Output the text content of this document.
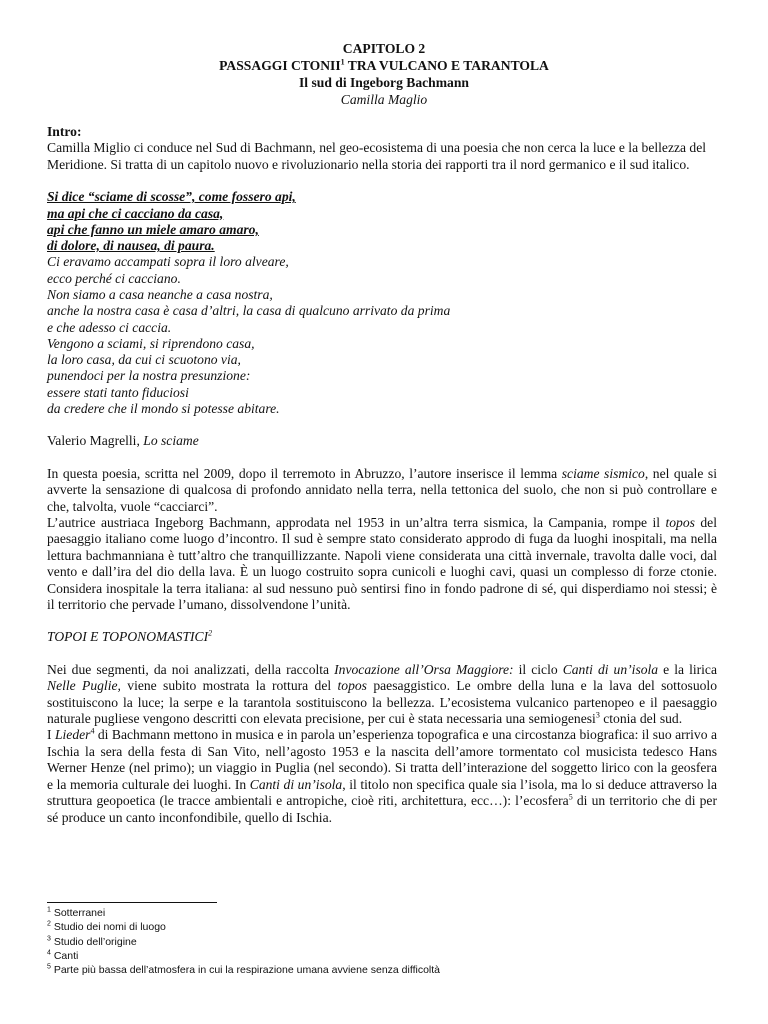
CAPITOLO 2
PASSAGGI CTONII$^1$ TRA VULCANO E TARANTOLA
Il sud di Ingeborg Bachmann
Camilla Maglio

Intro:

Camilla Miglio ci conduce nel Sud di Bachmann, nel geo-ecosistema di una poesia che non cerca la luce e la bellezza del Meridione. Si tratta di un capitolo nuovo e rivoluzionario nella storia dei rapporti tra il nord germanico e il sud italico.

Si dice “sciame di scosse”, come fossero api,
ma api che ci cacciano da casa,
api che fanno un miele amaro amaro,
di dolore, di nausea, di paura.
Ci eravamo accampati sopra il loro alveare,
ecco perché ci cacciano.
Non siamo a casa neanche a casa nostra,
anche la nostra casa è casa d’altri, la casa di qualcuno arrivato da prima
e che adesso ci caccia.
Vengono a sciami, si riprendono casa,
la loro casa, da cui ci scuotono via,
punendoci per la nostra presunzione:
essere stati tanto fiduciosi
da credere che il mondo si potesse abitare.

Valerio Magrelli, Lo sciame

In questa poesia, scritta nel 2009, dopo il terremoto in Abruzzo, l’autore inserisce il lemma sciame sismico, nel quale si avverte la sensazione di qualcosa di profondo annidato nella terra, nella tettonica del suolo, che non si può controllare e che, talvolta, vuole “cacciarci”.

L’autrice austriaca Ingeborg Bachmann, approdata nel 1953 in un’altra terra sismica, la Campania, rompe il topos del paesaggio italiano come luogo d’incontro. Il sud è sempre stato considerato approdo di fuga da luoghi inospitali, ma nella lettura bachmanniana è tutt’altro che tranquillizzante. Napoli viene considerata una città invernale, travolta dalle voci, dal vento e dall’ira del dio della lava. È un luogo costruito sopra cunicoli e luoghi cavi, quasi un complesso di forze ctonie. Considera inospitale la terra italiana: al sud nessuno può sentirsi fino in fondo padrone di sé, qui disperdiamo noi stessi; è il territorio che pervade l’umano, dissolvendone l’unità.

TOPOI E TOPONOMASTICI$^2$

Nei due segmenti, da noi analizzati, della raccolta Invocazione all’Orsa Maggiore: il ciclo Canti di un’isola e la lirica Nelle Puglie, viene subito mostrata la rottura del topos paesaggistico. Le ombre della luna e la lava del sottosuolo sostituiscono la luce; la serpe e la tarantola sostituiscono la bellezza. L’ecosistema vulcanico partenopeo e il paesaggio naturale pugliese vengono descritti con elevata precisione, per cui è stata necessaria una semiogenesi$^3$ ctonia del sud.

I Lieder$^4$ di Bachmann mettono in musica e in parola un’esperienza topografica e una circostanza biografica: il suo arrivo a Ischia la sera della festa di San Vito, nell’agosto 1953 e la nascita dell’amore tormentato col musicista tedesco Hans Werner Henze (nel primo); un viaggio in Puglia (nel secondo). Si tratta dell’interazione del soggetto lirico con la geosfera e la memoria culturale dei luoghi. In Canti di un’isola, il titolo non specifica quale sia l’isola, ma lo si deduce attraverso la struttura geopoetica (le tracce ambientali e antropiche, cioè riti, architettura, ecc…): l’ecosfera$^5$ di un territorio che di per sé produce un canto inconfondibile, quello di Ischia.

$^1$ Sotterranei
$^2$ Studio dei nomi di luogo
$^3$ Studio dell’origine
$^4$ Canti
$^5$ Parte più bassa dell’atmosfera in cui la respirazione umana avviene senza difficoltà
